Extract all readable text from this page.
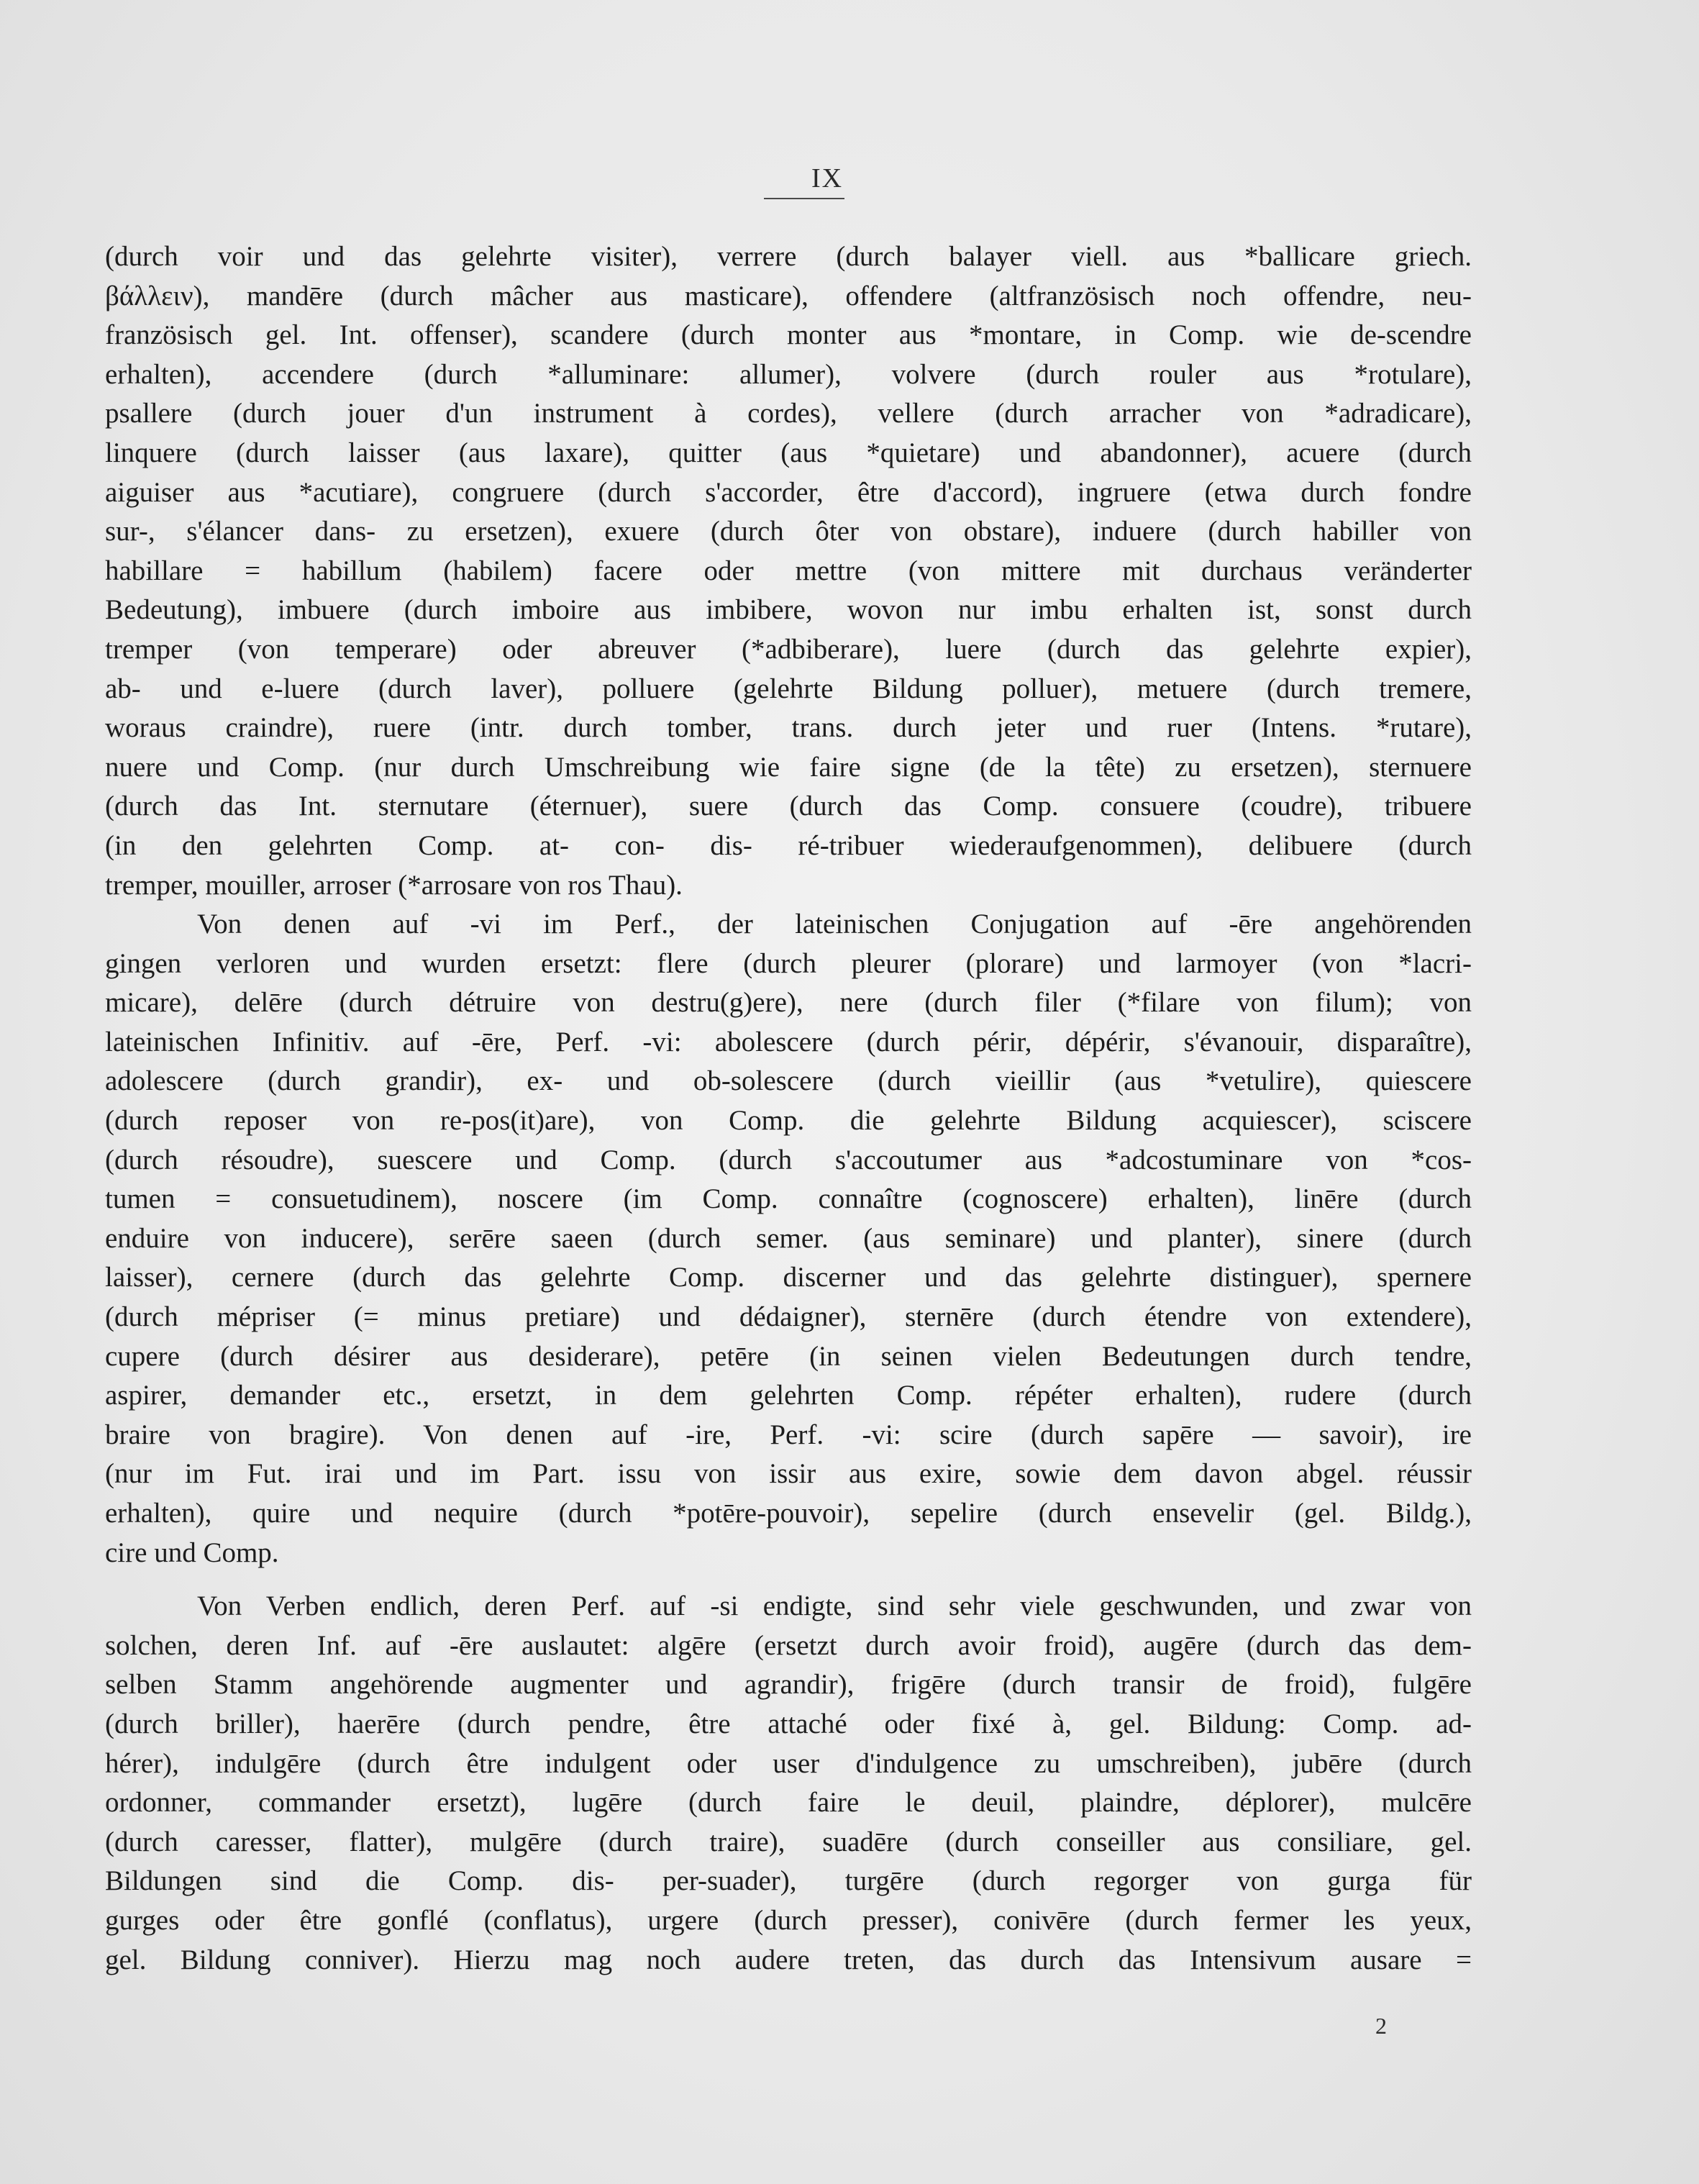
IX
(durch voir und das gelehrte visiter), verrere (durch balayer viell. aus *ballicare griech.
βάλλειν), mandēre (durch mâcher aus masticare), offendere (altfranzösisch noch offendre, neu-
französisch gel. Int. offenser), scandere (durch monter aus *montare, in Comp. wie de-scendre
erhalten), accendere (durch *alluminare: allumer), volvere (durch rouler aus *rotulare),
psallere (durch jouer d'un instrument à cordes), vellere (durch arracher von *adradicare),
linquere (durch laisser (aus laxare), quitter (aus *quietare) und abandonner), acuere (durch
aiguiser aus *acutiare), congruere (durch s'accorder, être d'accord), ingruere (etwa durch fondre
sur-, s'élancer dans- zu ersetzen), exuere (durch ôter von obstare), induere (durch habiller von
habillare = habillum (habilem) facere oder mettre (von mittere mit durchaus veränderter
Bedeutung), imbuere (durch imboire aus imbibere, wovon nur imbu erhalten ist, sonst durch
tremper (von temperare) oder abreuver (*adbiberare), luere (durch das gelehrte expier),
ab- und e-luere (durch laver), polluere (gelehrte Bildung polluer), metuere (durch tremere,
woraus craindre), ruere (intr. durch tomber, trans. durch jeter und ruer (Intens. *rutare),
nuere und Comp. (nur durch Umschreibung wie faire signe (de la tête) zu ersetzen), sternuere
(durch das Int. sternutare (éternuer), suere (durch das Comp. consuere (coudre), tribuere
(in den gelehrten Comp. at- con- dis- ré-tribuer wiederaufgenommen), delibuere (durch
tremper, mouiller, arroser (*arrosare von ros Thau).
Von denen auf -vi im Perf., der lateinischen Conjugation auf -ēre angehörenden
gingen verloren und wurden ersetzt: flere (durch pleurer (plorare) und larmoyer (von *lacri-
micare), delēre (durch détruire von destru(g)ere), nere (durch filer (*filare von filum); von
lateinischen Infinitiv. auf -ēre, Perf. -vi: abolescere (durch périr, dépérir, s'évanouir, disparaître),
adolescere (durch grandir), ex- und ob-solescere (durch vieillir (aus *vetulire), quiescere
(durch reposer von re-pos(it)are), von Comp. die gelehrte Bildung acquiescer), sciscere
(durch résoudre), suescere und Comp. (durch s'accoutumer aus *adcostuminare von *cos-
tumen = consuetudinem), noscere (im Comp. connaître (cognoscere) erhalten), linēre (durch
enduire von inducere), serēre saeen (durch semer. (aus seminare) und planter), sinere (durch
laisser), cernere (durch das gelehrte Comp. discerner und das gelehrte distinguer), spernere
(durch mépriser (= minus pretiare) und dédaigner), sternēre (durch étendre von extendere),
cupere (durch désirer aus desiderare), petēre (in seinen vielen Bedeutungen durch tendre,
aspirer, demander etc., ersetzt, in dem gelehrten Comp. répéter erhalten), rudere (durch
braire von bragire). Von denen auf -ire, Perf. -vi: scire (durch sapēre — savoir), ire
(nur im Fut. irai und im Part. issu von issir aus exire, sowie dem davon abgel. réussir
erhalten), quire und nequire (durch *potēre-pouvoir), sepelire (durch ensevelir (gel. Bildg.),
cire und Comp.
Von Verben endlich, deren Perf. auf -si endigte, sind sehr viele geschwunden, und zwar von
solchen, deren Inf. auf -ēre auslautet: algēre (ersetzt durch avoir froid), augēre (durch das dem-
selben Stamm angehörende augmenter und agrandir), frigēre (durch transir de froid), fulgēre
(durch briller), haerēre (durch pendre, être attaché oder fixé à, gel. Bildung: Comp. ad-
hérer), indulgēre (durch être indulgent oder user d'indulgence zu umschreiben), jubēre (durch
ordonner, commander ersetzt), lugēre (durch faire le deuil, plaindre, déplorer), mulcēre
(durch caresser, flatter), mulgēre (durch traire), suadēre (durch conseiller aus consiliare, gel.
Bildungen sind die Comp. dis- per-suader), turgēre (durch regorger von gurga für
gurges oder être gonflé (conflatus), urgere (durch presser), conivēre (durch fermer les yeux,
gel. Bildung conniver). Hierzu mag noch audere treten, das durch das Intensivum ausare =
2
